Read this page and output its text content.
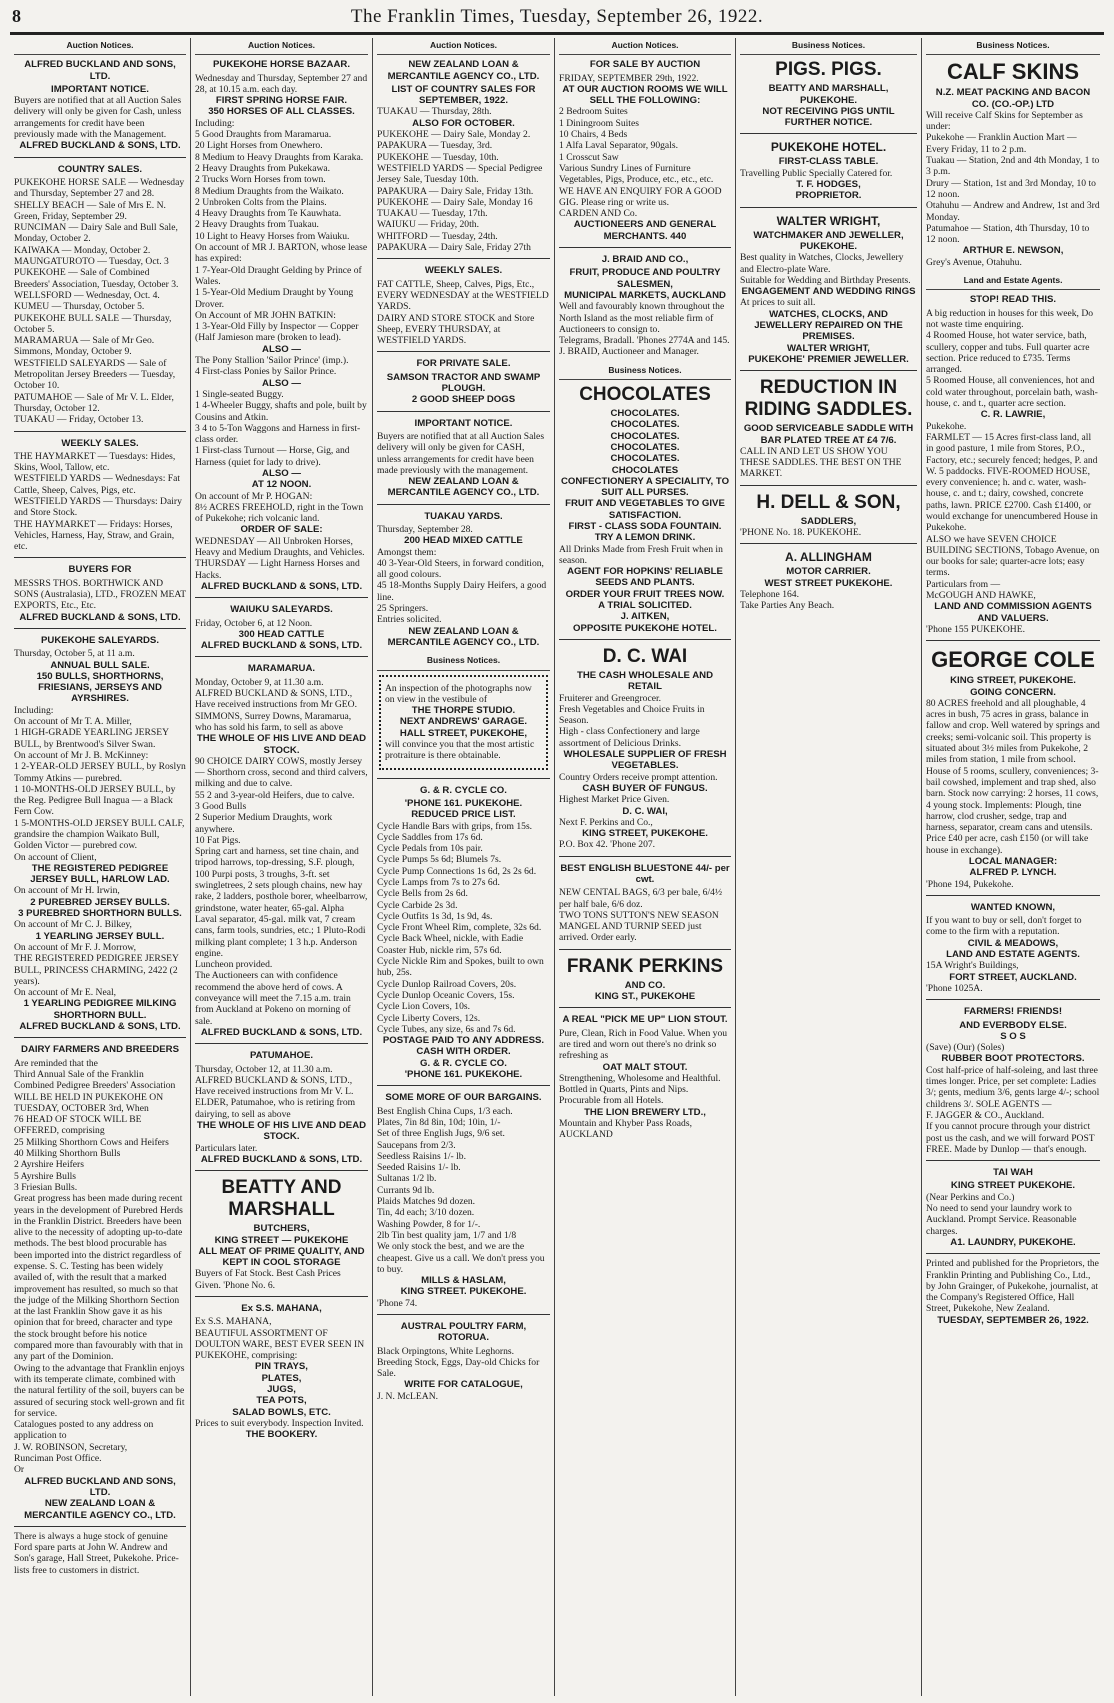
8	The Franklin Times, Tuesday, September 26, 1922.
Auction Notices.
ALFRED BUCKLAND AND SONS, LTD.
IMPORTANT NOTICE.
Buyers are notified that at all Auction Sales delivery will only be given for Cash, unless arrangements for credit have been previously made with the Management.
ALFRED BUCKLAND & SONS, LTD.
COUNTRY SALES.
PUKEKOHE HORSE SALE — Wednesday and Thursday, September 27 and 28.
SHELLY BEACH — Sale of Mrs E. N. Green, Friday, September 29.
RUNCIMAN — Dairy Sale and Bull Sale, Monday, October 2.
KAIWAKA — Monday, October 2.
MAUNGATUROTO — Tuesday, Oct. 3
PUKEKOHE — Sale of Combined Breeders' Association, Tuesday, October 3.
WELLSFORD — Wednesday, Oct. 4.
KUMEU — Thursday, October 5.
PUKEKOHE BULL SALE — Thursday, October 5.
MARAMARUA — Sale of Mr Geo. Simmons, Monday, October 9.
WESTFIELD SALEYARDS — Sale of Metropolitan Jersey Breeders — Tuesday, October 10.
PATUMAHOE — Sale of Mr V. L. Elder, Thursday, October 12.
TUAKAU — Friday, October 13.
WEEKLY SALES.
THE HAYMARKET — Tuesdays: Hides, Skins, Wool, Tallow, etc.
WESTFIELD YARDS — Wednesdays: Fat Cattle, Sheep, Calves, Pigs, etc.
WESTFIELD YARDS — Thursdays: Dairy and Store Stock.
THE HAYMARKET — Fridays: Horses, Vehicles, Harness, Hay, Straw, and Grain, etc.
BUYERS FOR
MESSRS THOS. BORTHWICK AND SONS (Australasia), LTD., FROZEN MEAT EXPORTS, Etc., Etc.
ALFRED BUCKLAND & SONS, LTD.
PUKEKOHE SALEYARDS.
Thursday, October 5, at 11 a.m.
ANNUAL BULL SALE.
150 BULLS, SHORTHORNS, FRIESIANS, JERSEYS AND AYRSHIRES.
Including:
On account of Mr T. A. Miller,
1 HIGH-GRADE YEARLING JERSEY BULL, by Brentwood's Silver Swan.
On account of Mr J. B. McKinney:
1 2-YEAR-OLD JERSEY BULL, by Roslyn Tommy Atkins — purebred.
1 10-MONTHS-OLD JERSEY BULL, by the Reg. Pedigree Bull Inagua — a Black Fern Cow.
1 5-MONTHS-OLD JERSEY BULL CALF, grandsire the champion Waikato Bull, Golden Victor — purebred cow.
On account of Client,
THE REGISTERED PEDIGREE JERSEY BULL, HARLOW LAD.
On account of Mr H. Irwin,
2 PUREBRED JERSEY BULLS.
3 PUREBRED SHORTHORN BULLS.
On account of Mr C. J. Bilkey,
1 YEARLING JERSEY BULL.
On account of Mr F. J. Morrow,
THE REGISTERED PEDIGREE JERSEY BULL, PRINCESS CHARMING, 2422 (2 years).
On account of Mr E. Neal,
1 YEARLING PEDIGREE MILKING SHORTHORN BULL.
ALFRED BUCKLAND & SONS, LTD.
DAIRY FARMERS AND BREEDERS
Are reminded that the
Third Annual Sale of the Franklin Combined Pedigree Breeders' Association
WILL BE HELD IN PUKEKOHE ON TUESDAY, OCTOBER 3rd, When
76 HEAD OF STOCK WILL BE OFFERED, comprising
25 Milking Shorthorn Cows and Heifers
40 Milking Shorthorn Bulls
2 Ayrshire Heifers
5 Ayrshire Bulls
3 Friesian Bulls.
Great progress has been made during recent years in the development of Purebred Herds in the Franklin District. Breeders have been alive to the necessity of adopting up-to-date methods. The best blood procurable has been imported into the district regardless of expense. S. C. Testing has been widely availed of, with the result that a marked improvement has resulted, so much so that the judge of the Milking Shorthorn Section at the last Franklin Show gave it as his opinion that for breed, character and type the stock brought before his notice compared more than favourably with that in any part of the Dominion.
Owing to the advantage that Franklin enjoys with its temperate climate, combined with the natural fertility of the soil, buyers can be assured of securing stock well-grown and fit for service.
Catalogues posted to any address on application to
J. W. ROBINSON, Secretary,
Runciman Post Office.
Or
ALFRED BUCKLAND AND SONS, LTD.
NEW ZEALAND LOAN & MERCANTILE AGENCY CO., LTD.
There is always a huge stock of genuine Ford spare parts at John W. Andrew and Son's garage, Hall Street, Pukekohe. Price-lists free to customers in district.
Auction Notices.
PUKEKOHE HORSE BAZAAR.
Wednesday and Thursday, September 27 and 28, at 10.15 a.m. each day.
FIRST SPRING HORSE FAIR.
350 HORSES OF ALL CLASSES.
Including:
5 Good Draughts from Maramarua.
20 Light Horses from Onewhero.
8 Medium to Heavy Draughts from Karaka.
2 Heavy Draughts from Pukekawa.
2 Trucks Worn Horses from town.
8 Medium Draughts from the Waikato.
2 Unbroken Colts from the Plains.
4 Heavy Draughts from Te Kauwhata.
2 Heavy Draughts from Tuakau.
10 Light to Heavy Horses from Waiuku.
On account of MR J. BARTON, whose lease has expired:
1 7-Year-Old Draught Gelding by Prince of Wales.
1 5-Year-Old Medium Draught by Young Drover.
On Account of MR JOHN BATKIN:
1 3-Year-Old Filly by Inspector — Copper (Half Jamieson mare (broken to lead).
ALSO —
The Pony Stallion 'Sailor Prince' (imp.).
4 First-class Ponies by Sailor Prince.
ALSO —
1 Single-seated Buggy.
1 4-Wheeler Buggy, shafts and pole, built by Cousins and Atkin.
3 4 to 5-Ton Waggons and Harness in first-class order.
1 First-class Turnout — Horse, Gig, and Harness (quiet for lady to drive).
ALSO —
AT 12 NOON.
On account of Mr P. HOGAN:
8½ ACRES FREEHOLD, right in the Town of Pukekohe; rich volcanic land.
ORDER OF SALE:
WEDNESDAY — All Unbroken Horses, Heavy and Medium Draughts, and Vehicles.
THURSDAY — Light Harness Horses and Hacks.
ALFRED BUCKLAND & SONS, LTD.
WAIUKU SALEYARDS.
Friday, October 6, at 12 Noon.
300 HEAD CATTLE
ALFRED BUCKLAND & SONS, LTD.
MARAMARUA.
Monday, October 9, at 11.30 a.m.
ALFRED BUCKLAND & SONS, LTD., Have received instructions from Mr GEO. SIMMONS, Surrey Downs, Maramarua, who has sold his farm, to sell as above
THE WHOLE OF HIS LIVE AND DEAD STOCK.
90 CHOICE DAIRY COWS, mostly Jersey — Shorthorn cross, second and third calvers, milking and due to calve.
55 2 and 3-year-old Heifers, due to calve.
3 Good Bulls
2 Superior Medium Draughts, work anywhere.
10 Fat Pigs.
Spring cart and harness, set tine chain, and tripod harrows, top-dressing, S.F. plough, 100 Purpi posts, 3 troughs, 3-ft. set swingletrees, 2 sets plough chains, new hay rake, 2 ladders, posthole borer, wheelbarrow, grindstone, water heater, 65-gal. Alpha Laval separator, 45-gal. milk vat, 7 cream cans, farm tools, sundries, etc.; 1 Pluto-Rodi milking plant complete; 1 3 h.p. Anderson engine.
Luncheon provided.
The Auctioneers can with confidence recommend the above herd of cows. A conveyance will meet the 7.15 a.m. train from Auckland at Pokeno on morning of sale.
ALFRED BUCKLAND & SONS, LTD.
PATUMAHOE.
Thursday, October 12, at 11.30 a.m.
ALFRED BUCKLAND & SONS, LTD., Have received instructions from Mr V. L. ELDER, Patumahoe, who is retiring from dairying, to sell as above
THE WHOLE OF HIS LIVE AND DEAD STOCK.
Particulars later.
ALFRED BUCKLAND & SONS, LTD.
BEATTY AND MARSHALL
BUTCHERS,
KING STREET — PUKEKOHE
ALL MEAT OF PRIME QUALITY, AND KEPT IN COOL STORAGE
Buyers of Fat Stock. Best Cash Prices Given. 'Phone No. 6.
Ex S.S. MAHANA,
Ex S.S. MAHANA,
BEAUTIFUL ASSORTMENT OF DOULTON WARE, BEST EVER SEEN IN PUKEKOHE, comprising:
PIN TRAYS,
PLATES,
JUGS,
TEA POTS,
SALAD BOWLS, ETC.
Prices to suit everybody. Inspection Invited.
THE BOOKERY.
Auction Notices.
NEW ZEALAND LOAN & MERCANTILE AGENCY CO., LTD.
LIST OF COUNTRY SALES FOR SEPTEMBER, 1922.
TUAKAU — Thursday, 28th.
ALSO FOR OCTOBER.
PUKEKOHE — Dairy Sale, Monday 2.
PAPAKURA — Tuesday, 3rd.
PUKEKOHE — Tuesday, 10th.
WESTFIELD YARDS — Special Pedigree Jersey Sale, Tuesday 10th.
PAPAKURA — Dairy Sale, Friday 13th.
PUKEKOHE — Dairy Sale, Monday 16
TUAKAU — Tuesday, 17th.
WAIUKU — Friday, 20th.
WHITFORD — Tuesday, 24th.
PAPAKURA — Dairy Sale, Friday 27th
WEEKLY SALES.
FAT CATTLE, Sheep, Calves, Pigs, Etc., EVERY WEDNESDAY at the WESTFIELD YARDS.
DAIRY AND STORE STOCK and Store Sheep, EVERY THURSDAY, at WESTFIELD YARDS.
FOR PRIVATE SALE.
SAMSON TRACTOR AND SWAMP PLOUGH.
2 GOOD SHEEP DOGS
IMPORTANT NOTICE.
Buyers are notified that at all Auction Sales delivery will only be given for CASH, unless arrangements for credit have been made previously with the management.
NEW ZEALAND LOAN & MERCANTILE AGENCY CO., LTD.
TUAKAU YARDS.
Thursday, September 28.
200 HEAD MIXED CATTLE
Amongst them:
40 3-Year-Old Steers, in forward condition, all good colours.
45 18-Months Supply Dairy Heifers, a good line.
25 Springers.
Entries solicited.
NEW ZEALAND LOAN & MERCANTILE AGENCY CO., LTD.
Business Notices.
An inspection of the photographs now on view in the vestibule of
THE THORPE STUDIO.
NEXT ANDREWS' GARAGE.
HALL STREET, PUKEKOHE,
will convince you that the most artistic protraiture is there obtainable.
G. & R. CYCLE CO.
'PHONE 161. PUKEKOHE.
REDUCED PRICE LIST.
Cycle Handle Bars with grips, from 15s.
Cycle Saddles from 17s 6d.
Cycle Pedals from 10s pair.
Cycle Pumps 5s 6d; Blumels 7s.
Cycle Pump Connections 1s 6d, 2s 2s 6d.
Cycle Lamps from 7s to 27s 6d.
Cycle Bells from 2s 6d.
Cycle Carbide 2s 3d.
Cycle Outfits 1s 3d, 1s 9d, 4s.
Cycle Front Wheel Rim, complete, 32s 6d.
Cycle Back Wheel, nickle, with Eadie Coaster Hub, nickle rim, 57s 6d.
Cycle Nickle Rim and Spokes, built to own hub, 25s.
Cycle Dunlop Railroad Covers, 20s.
Cycle Dunlop Oceanic Covers, 15s.
Cycle Lion Covers, 10s.
Cycle Liberty Covers, 12s.
Cycle Tubes, any size, 6s and 7s 6d.
POSTAGE PAID TO ANY ADDRESS. CASH WITH ORDER.
G. & R. CYCLE CO.
'PHONE 161. PUKEKOHE.
SOME MORE OF OUR BARGAINS.
Best English China Cups, 1/3 each.
Plates, 7in 8d 8in, 10d; 10in, 1/-
Set of three English Jugs, 9/6 set.
Saucepans from 2/3.
Seedless Raisins 1/- lb.
Seeded Raisins 1/- lb.
Sultanas 1/2 lb.
Currants 9d lb.
Plaids Matches 9d dozen.
Tin, 4d each; 3/10 dozen.
Washing Powder, 8 for 1/-.
2lb Tin best quality jam, 1/7 and 1/8
We only stock the best, and we are the cheapest. Give us a call. We don't press you to buy.
MILLS & HASLAM,
KING STREET. PUKEKOHE.
'Phone 74.
AUSTRAL POULTRY FARM, ROTORUA.
Black Orpingtons, White Leghorns. Breeding Stock, Eggs, Day-old Chicks for Sale.
WRITE FOR CATALOGUE,
J. N. McLEAN.
Auction Notices.
FOR SALE BY AUCTION
FRIDAY, SEPTEMBER 29th, 1922.
AT OUR AUCTION ROOMS WE WILL SELL THE FOLLOWING:
2 Bedroom Suites
1 Diningroom Suites
10 Chairs, 4 Beds
1 Alfa Laval Separator, 90gals.
1 Crosscut Saw
Various Sundry Lines of Furniture
Vegetables, Pigs, Produce, etc., etc., etc.
WE HAVE AN ENQUIRY FOR A GOOD GIG. Please ring or write us.
CARDEN AND Co.
AUCTIONEERS AND GENERAL MERCHANTS. 440
J. BRAID AND CO.,
FRUIT, PRODUCE AND POULTRY SALESMEN,
MUNICIPAL MARKETS, AUCKLAND
Well and favourably known throughout the North Island as the most reliable firm of Auctioneers to consign to.
Telegrams, Bradall. 'Phones 2774A and 145.
J. BRAID, Auctioneer and Manager.
Business Notices.
CHOCOLATES
CHOCOLATES.
CHOCOLATES.
CHOCOLATES.
CHOCOLATES.
CHOCOLATES.
CHOCOLATES
CONFECTIONERY A SPECIALITY, TO SUIT ALL PURSES.
FRUIT AND VEGETABLES TO GIVE SATISFACTION.
FIRST - CLASS SODA FOUNTAIN. TRY A LEMON DRINK.
All Drinks Made from Fresh Fruit when in season.
AGENT FOR HOPKINS' RELIABLE SEEDS AND PLANTS.
ORDER YOUR FRUIT TREES NOW.
A TRIAL SOLICITED.
J. AITKEN,
OPPOSITE PUKEKOHE HOTEL.
D. C. WAI
THE CASH WHOLESALE AND RETAIL
Fruiterer and Greengrocer.
Fresh Vegetables and Choice Fruits in Season.
High - class Confectionery and large assortment of Delicious Drinks.
WHOLESALE SUPPLIER OF FRESH VEGETABLES.
Country Orders receive prompt attention.
CASH BUYER OF FUNGUS.
Highest Market Price Given.
D. C. WAI,
Next F. Perkins and Co.,
KING STREET, PUKEKOHE.
P.O. Box 42. 'Phone 207.
BEST ENGLISH BLUESTONE 44/- per cwt.
NEW CENTAL BAGS, 6/3 per bale, 6/4½ per half bale, 6/6 doz.
TWO TONS SUTTON'S NEW SEASON MANGEL AND TURNIP SEED just arrived. Order early.
FRANK PERKINS
AND CO.
KING ST., PUKEKOHE
A REAL "PICK ME UP" LION STOUT.
Pure, Clean, Rich in Food Value. When you are tired and worn out there's no drink so refreshing as
OAT MALT STOUT.
Strengthening, Wholesome and Healthful.
Bottled in Quarts, Pints and Nips. Procurable from all Hotels.
THE LION BREWERY LTD.,
Mountain and Khyber Pass Roads, AUCKLAND
Business Notices.
PIGS. PIGS.
BEATTY AND MARSHALL,
PUKEKOHE.
NOT RECEIVING PIGS UNTIL FURTHER NOTICE.
PUKEKOHE HOTEL.
FIRST-CLASS TABLE.
Travelling Public Specially Catered for.
T. F. HODGES,
PROPRIETOR.
WALTER WRIGHT,
WATCHMAKER AND JEWELLER,
PUKEKOHE.
Best quality in Watches, Clocks, Jewellery and Electro-plate Ware.
Suitable for Wedding and Birthday Presents.
ENGAGEMENT AND WEDDING RINGS
At prices to suit all.
WATCHES, CLOCKS, AND JEWELLERY REPAIRED ON THE PREMISES.
WALTER WRIGHT,
PUKEKOHE' PREMIER JEWELLER.
REDUCTION IN RIDING SADDLES.
GOOD SERVICEABLE SADDLE WITH BAR PLATED TREE AT £4 7/6.
CALL IN AND LET US SHOW YOU THESE SADDLES. THE BEST ON THE MARKET.
H. DELL & SON,
SADDLERS,
'PHONE No. 18. PUKEKOHE.
A. ALLINGHAM
MOTOR CARRIER.
WEST STREET PUKEKOHE.
Telephone 164.
Take Parties Any Beach.
Business Notices.
CALF SKINS
N.Z. MEAT PACKING AND BACON CO. (CO.-OP.) LTD
Will receive Calf Skins for September as under:
Pukekohe — Franklin Auction Mart — Every Friday, 11 to 2 p.m.
Tuakau — Station, 2nd and 4th Monday, 1 to 3 p.m.
Drury — Station, 1st and 3rd Monday, 10 to 12 noon.
Otahuhu — Andrew and Andrew, 1st and 3rd Monday.
Patumahoe — Station, 4th Thursday, 10 to 12 noon.
ARTHUR E. NEWSON,
Grey's Avenue, Otahuhu.
Land and Estate Agents.
STOP! READ THIS.
A big reduction in houses for this week, Do not waste time enquiring.
4 Roomed House, hot water service, bath, scullery, copper and tubs. Full quarter acre section. Price reduced to £735. Terms arranged.
5 Roomed House, all conveniences, hot and cold water throughout, porcelain bath, wash-house, c. and t., quarter acre section.
C. R. LAWRIE,
Pukekohe.
FARMLET — 15 Acres first-class land, all in good pasture, 1 mile from Stores, P.O., Factory, etc.; securely fenced; hedges, P. and W. 5 paddocks. FIVE-ROOMED HOUSE, every convenience; h. and c. water, wash-house, c. and t.; dairy, cowshed, concrete paths, lawn. PRICE £2700. Cash £1400, or would exchange for unencumbered House in Pukekohe.
ALSO we have SEVEN CHOICE BUILDING SECTIONS, Tobago Avenue, on our books for sale; quarter-acre lots; easy terms.
Particulars from —
McGOUGH AND HAWKE,
LAND AND COMMISSION AGENTS AND VALUERS.
'Phone 155 PUKEKOHE.
GEORGE COLE
KING STREET, PUKEKOHE.
GOING CONCERN.
80 ACRES freehold and all ploughable, 4 acres in bush, 75 acres in grass, balance in fallow and crop. Well watered by springs and creeks; semi-volcanic soil. This property is situated about 3½ miles from Pukekohe, 2 miles from station, 1 mile from school. House of 5 rooms, scullery, conveniences; 3-bail cowshed, implement and trap shed, also barn. Stock now carrying: 2 horses, 11 cows, 4 young stock. Implements: Plough, tine harrow, clod crusher, sedge, trap and harness, separator, cream cans and utensils. Price £40 per acre, cash £150 (or will take house in exchange).
LOCAL MANAGER:
ALFRED P. LYNCH.
'Phone 194, Pukekohe.
WANTED KNOWN,
If you want to buy or sell, don't forget to come to the firm with a reputation.
CIVIL & MEADOWS,
LAND AND ESTATE AGENTS.
15A Wright's Buildings,
FORT STREET, AUCKLAND.
'Phone 1025A.
FARMERS! FRIENDS!
AND EVERBODY ELSE.
S O S
(Save) (Our) (Soles)
RUBBER BOOT PROTECTORS.
Cost half-price of half-soleing, and last three times longer. Price, per set complete: Ladies 3/; gents, medium 3/6, gents large 4/-; school childrens 3/. SOLE AGENTS —
F. JAGGER & CO., Auckland.
If you cannot procure through your district post us the cash, and we will forward POST FREE. Made by Dunlop — that's enough.
TAI WAH
KING STREET PUKEKOHE.
(Near Perkins and Co.)
No need to send your laundry work to Auckland. Prompt Service. Reasonable charges.
A1. LAUNDRY, PUKEKOHE.
Printed and published for the Proprietors, the Franklin Printing and Publishing Co., Ltd., by John Grainger, of Pukekohe, journalist, at the Company's Registered Office, Hall Street, Pukekohe, New Zealand.
TUESDAY, SEPTEMBER 26, 1922.
